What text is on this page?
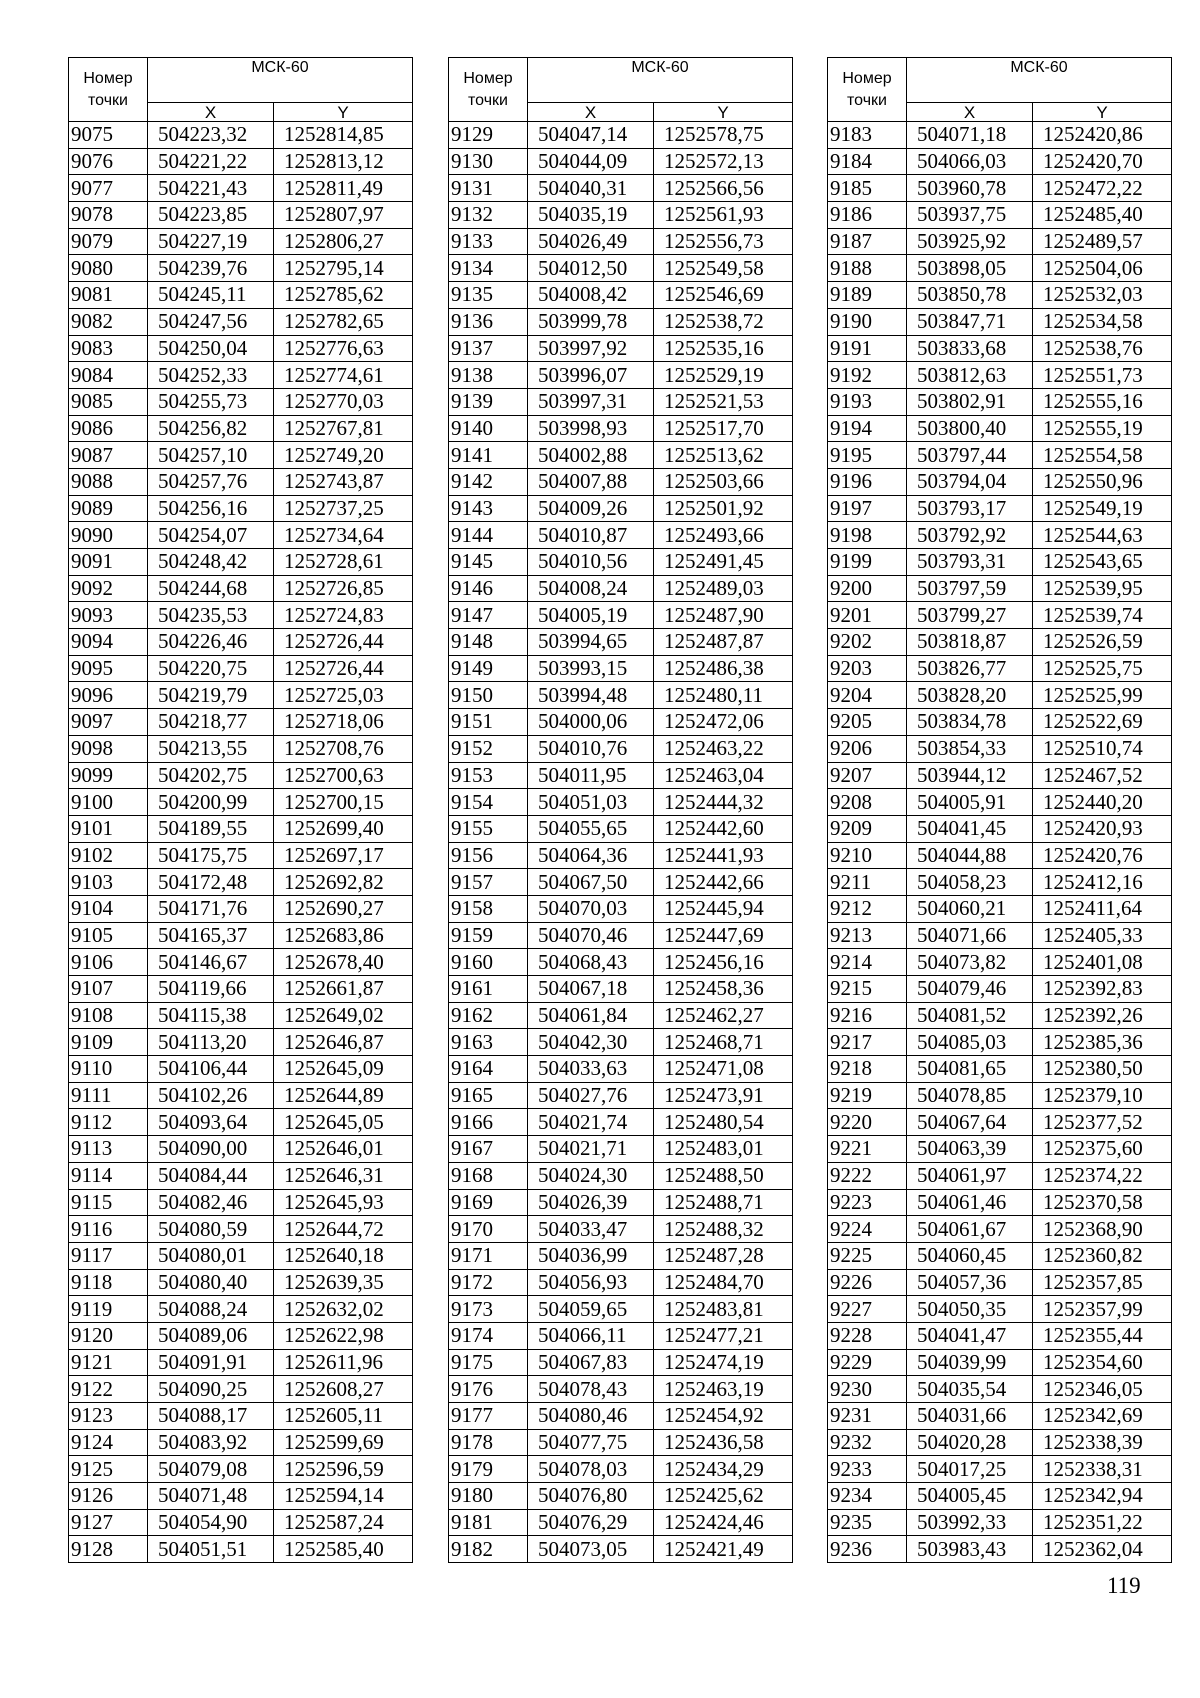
Номер точки	МСК-60	
	X	Y
9075	504223,32	1252814,85
9076	504221,22	1252813,12
9077	504221,43	1252811,49
9078	504223,85	1252807,97
9079	504227,19	1252806,27
9080	504239,76	1252795,14
9081	504245,11	1252785,62
9082	504247,56	1252782,65
9083	504250,04	1252776,63
9084	504252,33	1252774,61
9085	504255,73	1252770,03
9086	504256,82	1252767,81
9087	504257,10	1252749,20
9088	504257,76	1252743,87
9089	504256,16	1252737,25
9090	504254,07	1252734,64
9091	504248,42	1252728,61
9092	504244,68	1252726,85
9093	504235,53	1252724,83
9094	504226,46	1252726,44
9095	504220,75	1252726,44
9096	504219,79	1252725,03
9097	504218,77	1252718,06
9098	504213,55	1252708,76
9099	504202,75	1252700,63
9100	504200,99	1252700,15
9101	504189,55	1252699,40
9102	504175,75	1252697,17
9103	504172,48	1252692,82
9104	504171,76	1252690,27
9105	504165,37	1252683,86
9106	504146,67	1252678,40
9107	504119,66	1252661,87
9108	504115,38	1252649,02
9109	504113,20	1252646,87
9110	504106,44	1252645,09
9111	504102,26	1252644,89
9112	504093,64	1252645,05
9113	504090,00	1252646,01
9114	504084,44	1252646,31
9115	504082,46	1252645,93
9116	504080,59	1252644,72
9117	504080,01	1252640,18
9118	504080,40	1252639,35
9119	504088,24	1252632,02
9120	504089,06	1252622,98
9121	504091,91	1252611,96
9122	504090,25	1252608,27
9123	504088,17	1252605,11
9124	504083,92	1252599,69
9125	504079,08	1252596,59
9126	504071,48	1252594,14
9127	504054,90	1252587,24
9128	504051,51	1252585,40
Номер точки	МСК-60	
	X	Y
9129	504047,14	1252578,75
9130	504044,09	1252572,13
9131	504040,31	1252566,56
9132	504035,19	1252561,93
9133	504026,49	1252556,73
9134	504012,50	1252549,58
9135	504008,42	1252546,69
9136	503999,78	1252538,72
9137	503997,92	1252535,16
9138	503996,07	1252529,19
9139	503997,31	1252521,53
9140	503998,93	1252517,70
9141	504002,88	1252513,62
9142	504007,88	1252503,66
9143	504009,26	1252501,92
9144	504010,87	1252493,66
9145	504010,56	1252491,45
9146	504008,24	1252489,03
9147	504005,19	1252487,90
9148	503994,65	1252487,87
9149	503993,15	1252486,38
9150	503994,48	1252480,11
9151	504000,06	1252472,06
9152	504010,76	1252463,22
9153	504011,95	1252463,04
9154	504051,03	1252444,32
9155	504055,65	1252442,60
9156	504064,36	1252441,93
9157	504067,50	1252442,66
9158	504070,03	1252445,94
9159	504070,46	1252447,69
9160	504068,43	1252456,16
9161	504067,18	1252458,36
9162	504061,84	1252462,27
9163	504042,30	1252468,71
9164	504033,63	1252471,08
9165	504027,76	1252473,91
9166	504021,74	1252480,54
9167	504021,71	1252483,01
9168	504024,30	1252488,50
9169	504026,39	1252488,71
9170	504033,47	1252488,32
9171	504036,99	1252487,28
9172	504056,93	1252484,70
9173	504059,65	1252483,81
9174	504066,11	1252477,21
9175	504067,83	1252474,19
9176	504078,43	1252463,19
9177	504080,46	1252454,92
9178	504077,75	1252436,58
9179	504078,03	1252434,29
9180	504076,80	1252425,62
9181	504076,29	1252424,46
9182	504073,05	1252421,49
Номер точки	МСК-60	
	X	Y
9183	504071,18	1252420,86
9184	504066,03	1252420,70
9185	503960,78	1252472,22
9186	503937,75	1252485,40
9187	503925,92	1252489,57
9188	503898,05	1252504,06
9189	503850,78	1252532,03
9190	503847,71	1252534,58
9191	503833,68	1252538,76
9192	503812,63	1252551,73
9193	503802,91	1252555,16
9194	503800,40	1252555,19
9195	503797,44	1252554,58
9196	503794,04	1252550,96
9197	503793,17	1252549,19
9198	503792,92	1252544,63
9199	503793,31	1252543,65
9200	503797,59	1252539,95
9201	503799,27	1252539,74
9202	503818,87	1252526,59
9203	503826,77	1252525,75
9204	503828,20	1252525,99
9205	503834,78	1252522,69
9206	503854,33	1252510,74
9207	503944,12	1252467,52
9208	504005,91	1252440,20
9209	504041,45	1252420,93
9210	504044,88	1252420,76
9211	504058,23	1252412,16
9212	504060,21	1252411,64
9213	504071,66	1252405,33
9214	504073,82	1252401,08
9215	504079,46	1252392,83
9216	504081,52	1252392,26
9217	504085,03	1252385,36
9218	504081,65	1252380,50
9219	504078,85	1252379,10
9220	504067,64	1252377,52
9221	504063,39	1252375,60
9222	504061,97	1252374,22
9223	504061,46	1252370,58
9224	504061,67	1252368,90
9225	504060,45	1252360,82
9226	504057,36	1252357,85
9227	504050,35	1252357,99
9228	504041,47	1252355,44
9229	504039,99	1252354,60
9230	504035,54	1252346,05
9231	504031,66	1252342,69
9232	504020,28	1252338,39
9233	504017,25	1252338,31
9234	504005,45	1252342,94
9235	503992,33	1252351,22
9236	503983,43	1252362,04
119
